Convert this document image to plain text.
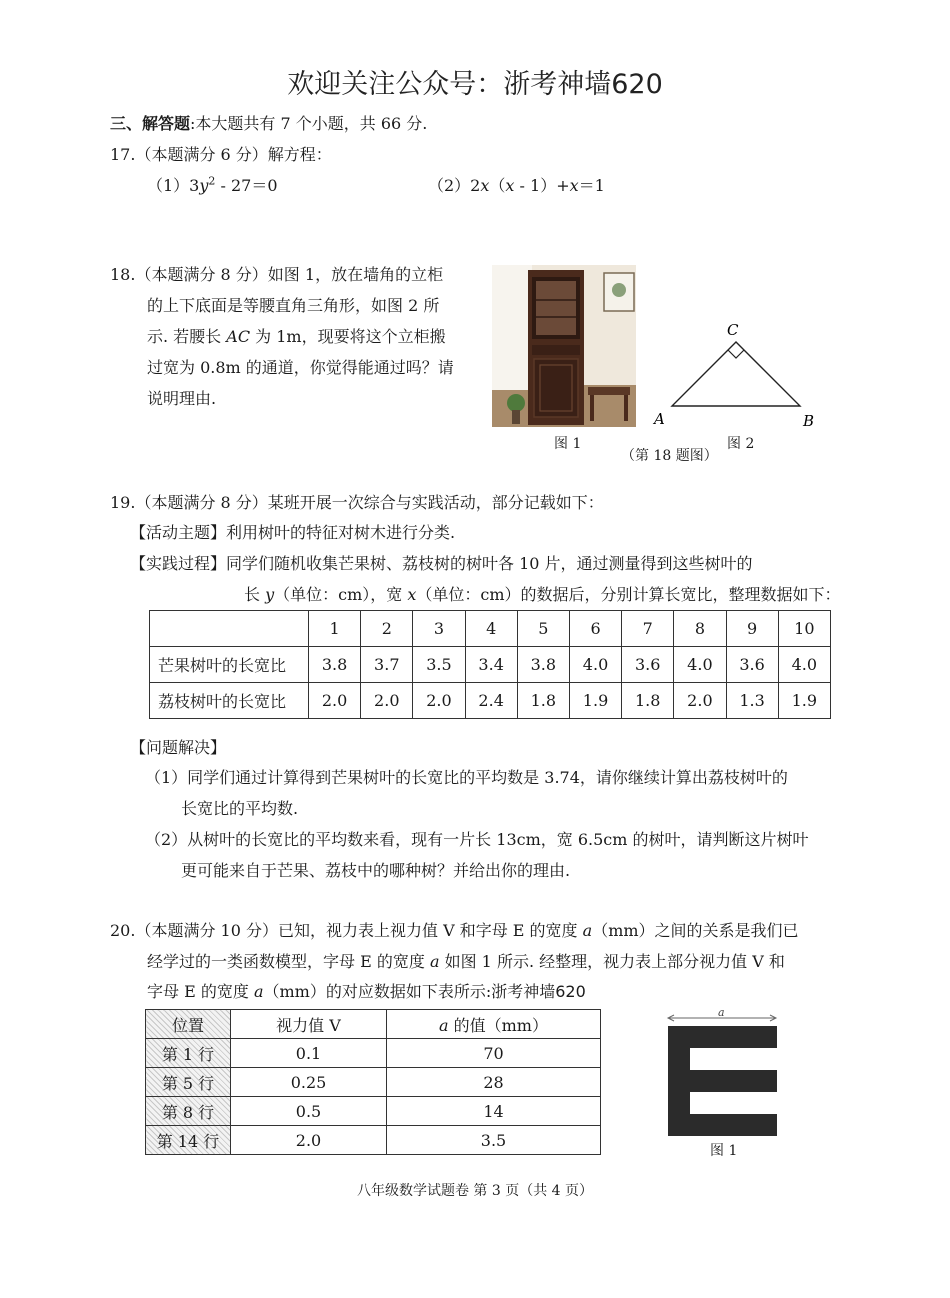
欢迎关注公众号：浙考神墙620
三、解答题:本大题共有 7 个小题，共 66 分.
17.（本题满分 6 分）解方程：
$(1)3y^2 - 27=0$	（2）2x（x - 1）+x＝1
18.（本题满分 8 分）如图 1，放在墙角的立柜
的上下底面是等腰直角三角形，如图 2 所
示. 若腰长 AC 为 1m，现要将这个立柜搬
过宽为 0.8m 的通道，你觉得能通过吗？请
说明理由.
图 1
C
A	B
图 2
（第 18 题图）
19.（本题满分 8 分）某班开展一次综合与实践活动，部分记载如下：
【活动主题】利用树叶的特征对树木进行分类.
【实践过程】同学们随机收集芒果树、荔枝树的树叶各 10 片，通过测量得到这些树叶的
长 y（单位：cm），宽 x（单位：cm）的数据后，分别计算长宽比，整理数据如下：
	1	2	3	4	5	6	7	8	9	10
芒果树叶的长宽比	3.8	3.7	3.5	3.4	3.8	4.0	3.6	4.0	3.6	4.0
荔枝树叶的长宽比	2.0	2.0	2.0	2.4	1.8	1.9	1.8	2.0	1.3	1.9
【问题解决】
（1）同学们通过计算得到芒果树叶的长宽比的平均数是 3.74，请你继续计算出荔枝树叶的
长宽比的平均数.
（2）从树叶的长宽比的平均数来看，现有一片长 13cm，宽 6.5cm 的树叶，请判断这片树叶
更可能来自于芒果、荔枝中的哪种树？并给出你的理由.
20.（本题满分 10 分）已知，视力表上视力值 V 和字母 E 的宽度 a（mm）之间的关系是我们已
经学过的一类函数模型，字母 E 的宽度 a 如图 1 所示. 经整理，视力表上部分视力值 V 和
字母 E 的宽度 a（mm）的对应数据如下表所示:浙考神墙620
位置	视力值 V	a 的值（mm）
第 1 行	0.1	70
第 5 行	0.25	28
第 8 行	0.5	14
第 14 行	2.0	3.5
a
图 1
八年级数学试题卷 第 3 页（共 4 页）
